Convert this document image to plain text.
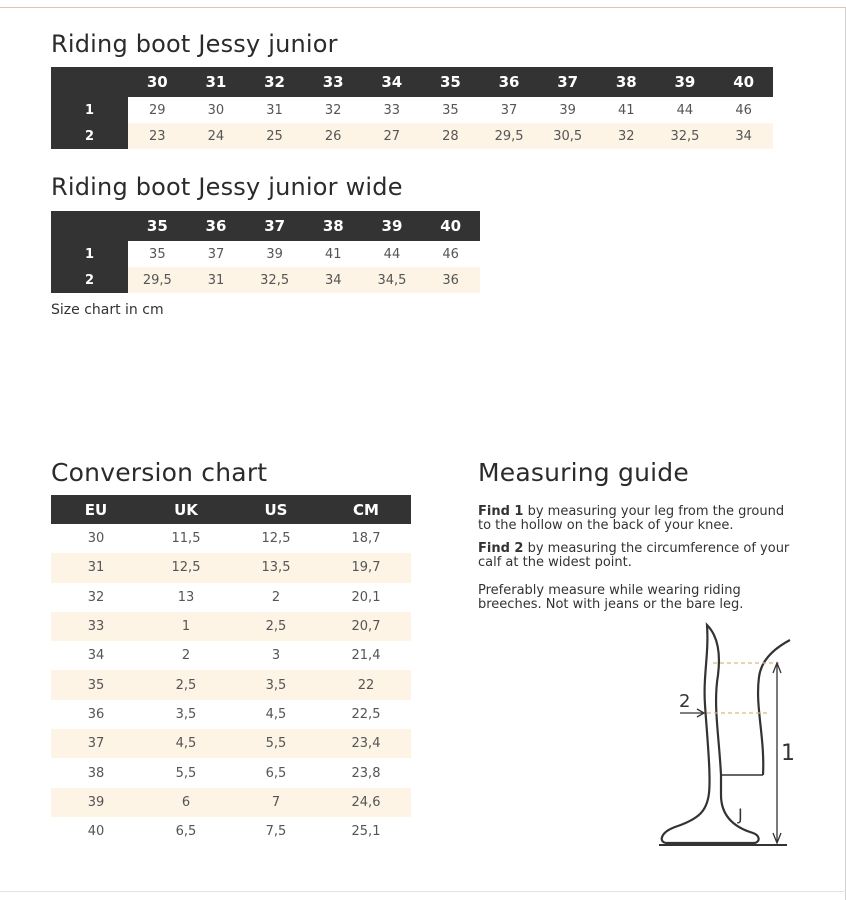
Riding boot Jessy junior
	30	31	32	33	34	35	36	37	38	39	40
1	29	30	31	32	33	35	37	39	41	44	46
2	23	24	25	26	27	28	29,5	30,5	32	32,5	34
Riding boot Jessy junior wide
	35	36	37	38	39	40
1	35	37	39	41	44	46
2	29,5	31	32,5	34	34,5	36

Size chart in cm

Conversion chart
EU	UK	US	CM
30	11,5	12,5	18,7
31	12,5	13,5	19,7
32	13	2	20,1
33	1	2,5	20,7
34	2	3	21,4
35	2,5	3,5	22
36	3,5	4,5	22,5
37	4,5	5,5	23,4
38	5,5	6,5	23,8
39	6	7	24,6
40	6,5	7,5	25,1
Measuring guide

Find 1 by measuring your leg from the ground to the hollow on the back of your knee.

Find 2 by measuring the circumference of your calf at the widest point.

Preferably measure while wearing riding breeches. Not with jeans or the bare leg.

2
1
J
